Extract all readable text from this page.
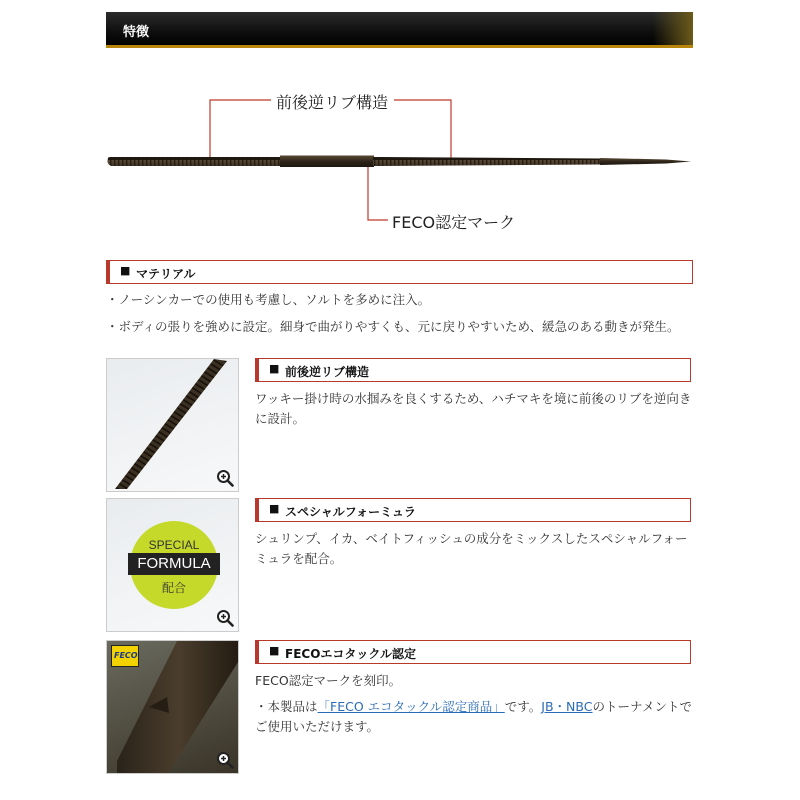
特徴
前後逆リブ構造
FECO認定マーク
■ マテリアル
・ノーシンカーでの使用も考慮し、ソルトを多めに注入。
・ボディの張りを強めに設定。細身で曲がりやすくも、元に戻りやすいため、緩急のある動きが発生。
■ 前後逆リブ構造
ワッキー掛け時の水掴みを良くするため、ハチマキを境に前後のリブを逆向き
に設計。
SPECIAL
FORMULA
配合
■ スペシャルフォーミュラ
シュリンプ、イカ、ベイトフィッシュの成分をミックスしたスペシャルフォー
ミュラを配合。
FECO	■ FECOエコタックル認定
FECO認定マークを刻印。
・本製品は「FECO エコタックル認定商品」です。JB・NBCのトーナメントで
ご使用いただけます。
